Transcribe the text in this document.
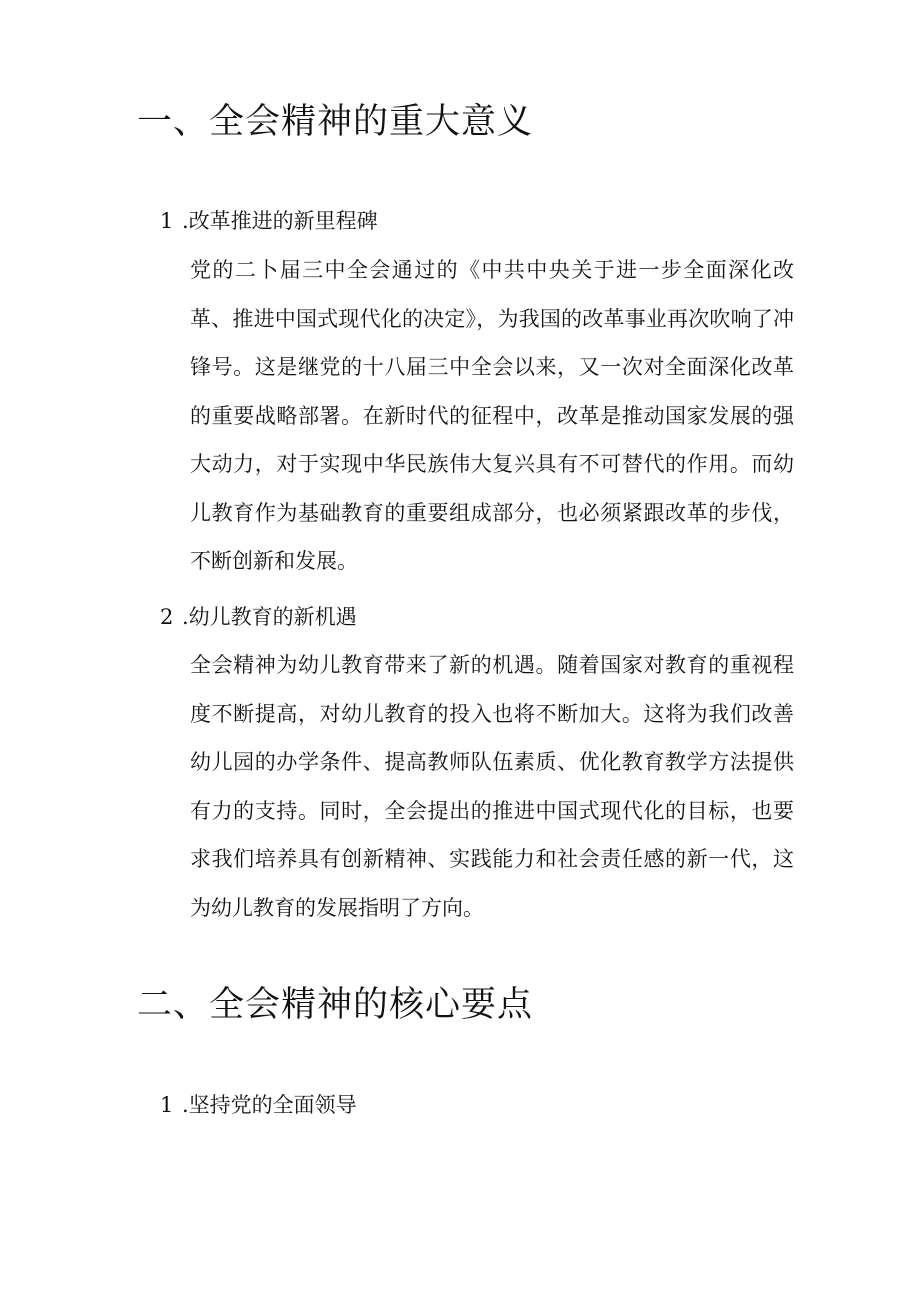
一、全会精神的重大意义
1 .改革推进的新里程碑

党的二卜届三中全会通过的《中共中央关于进一步全面深化改革、推进中国式现代化的决定》，为我国的改革事业再次吹响了冲锋号。这是继党的十八届三中全会以来，又一次对全面深化改革的重要战略部署。在新时代的征程中，改革是推动国家发展的强大动力，对于实现中华民族伟大复兴具有不可替代的作用。而幼儿教育作为基础教育的重要组成部分，也必须紧跟改革的步伐，不断创新和发展。

2 .幼儿教育的新机遇

全会精神为幼儿教育带来了新的机遇。随着国家对教育的重视程度不断提高，对幼儿教育的投入也将不断加大。这将为我们改善幼儿园的办学条件、提高教师队伍素质、优化教育教学方法提供有力的支持。同时，全会提出的推进中国式现代化的目标，也要求我们培养具有创新精神、实践能力和社会责任感的新一代，这为幼儿教育的发展指明了方向。

二、全会精神的核心要点
1 .坚持党的全面领导
